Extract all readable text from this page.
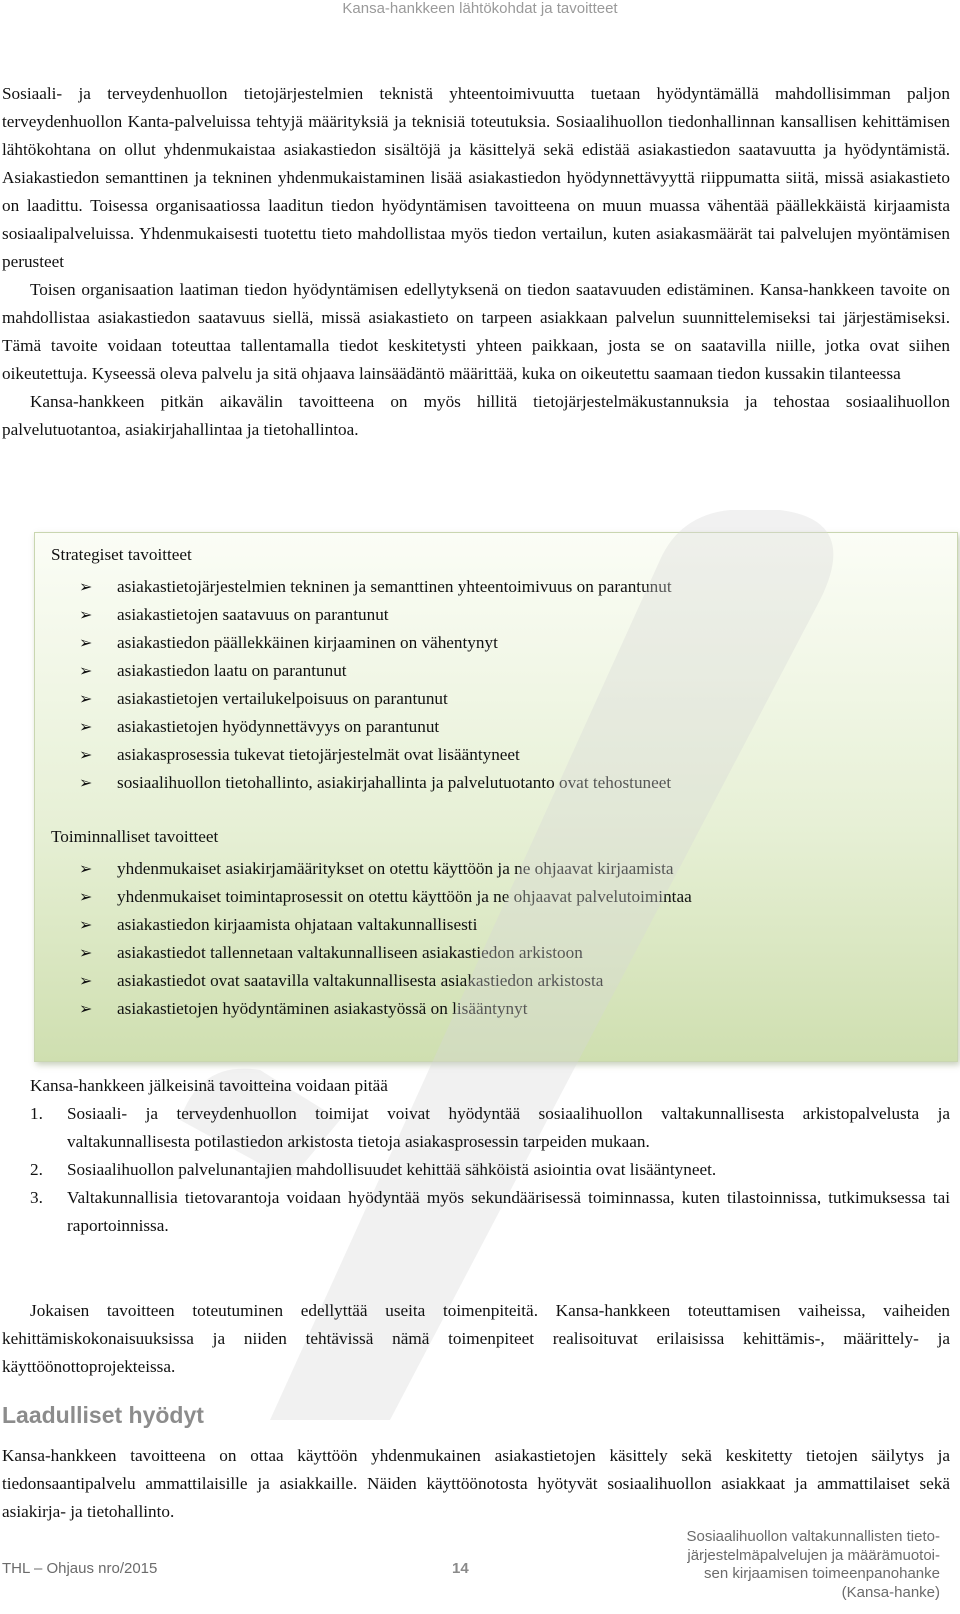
Kansa-hankkeen lähtökohdat ja tavoitteet

Sosiaali- ja terveydenhuollon tietojärjestelmien teknistä yhteentoimivuutta tuetaan hyödyntämällä mahdollisimman paljon terveydenhuollon Kanta-palveluissa tehtyjä määrityksiä ja teknisiä toteutuksia. Sosiaalihuollon tiedonhallinnan kansallisen kehittämisen lähtökohtana on ollut yhdenmukaistaa asiakastiedon sisältöjä ja käsittelyä sekä edistää asiakastiedon saatavuutta ja hyödyntämistä. Asiakastiedon semanttinen ja tekninen yhdenmukaistaminen lisää asiakastiedon hyödynnettävyyttä riippumatta siitä, missä asiakastieto on laadittu. Toisessa organisaatiossa laaditun tiedon hyödyntämisen tavoitteena on muun muassa vähentää päällekkäistä kirjaamista sosiaalipalveluissa. Yhdenmukaisesti tuotettu tieto mahdollistaa myös tiedon vertailun, kuten asiakasmäärät tai palvelujen myöntämisen perusteet

Toisen organisaation laatiman tiedon hyödyntämisen edellytyksenä on tiedon saatavuuden edistäminen. Kansa-hankkeen tavoite on mahdollistaa asiakastiedon saatavuus siellä, missä asiakastieto on tarpeen asiakkaan palvelun suunnittelemiseksi tai järjestämiseksi. Tämä tavoite voidaan toteuttaa tallentamalla tiedot keskitetysti yhteen paikkaan, josta se on saatavilla niille, jotka ovat siihen oikeutettuja. Kyseessä oleva palvelu ja sitä ohjaava lainsäädäntö määrittää, kuka on oikeutettu saamaan tiedon kussakin tilanteessa

Kansa-hankkeen pitkän aikavälin tavoitteena on myös hillitä tietojärjestelmäkustannuksia ja tehostaa sosiaalihuollon palvelutuotantoa, asiakirjahallintaa ja tietohallintoa.

Strategiset tavoitteet
➢ asiakastietojärjestelmien tekninen ja semanttinen yhteentoimivuus on parantunut
➢ asiakastietojen saatavuus on parantunut
➢ asiakastiedon päällekkäinen kirjaaminen on vähentynyt
➢ asiakastiedon laatu on parantunut
➢ asiakastietojen vertailukelpoisuus on parantunut
➢ asiakastietojen hyödynnettävyys on parantunut
➢ asiakasprosessia tukevat tietojärjestelmät ovat lisääntyneet
➢ sosiaalihuollon tietohallinto, asiakirjahallinta ja palvelutuotanto ovat tehostuneet
Toiminnalliset tavoitteet
➢ yhdenmukaiset asiakirjamääritykset on otettu käyttöön ja ne ohjaavat kirjaamista
➢ yhdenmukaiset toimintaprosessit on otettu käyttöön ja ne ohjaavat palvelutoimintaa
➢ asiakastiedon kirjaamista ohjataan valtakunnallisesti
➢ asiakastiedot tallennetaan valtakunnalliseen asiakastiedon arkistoon
➢ asiakastiedot ovat saatavilla valtakunnallisesta asiakastiedon arkistosta
➢ asiakastietojen hyödyntäminen asiakastyössä on lisääntynyt

Kansa-hankkeen jälkeisinä tavoitteina voidaan pitää

1. Sosiaali- ja terveydenhuollon toimijat voivat hyödyntää sosiaalihuollon valtakunnallisesta arkistopalvelusta ja valtakunnallisesta potilastiedon arkistosta tietoja asiakasprosessin tarpeiden mukaan.
2. Sosiaalihuollon palvelunantajien mahdollisuudet kehittää sähköistä asiointia ovat lisääntyneet.
3. Valtakunnallisia tietovarantoja voidaan hyödyntää myös sekundäärisessä toiminnassa, kuten tilastoinnissa, tutkimuksessa tai raportoinnissa.

Jokaisen tavoitteen toteutuminen edellyttää useita toimenpiteitä. Kansa-hankkeen toteuttamisen vaiheissa, vaiheiden kehittämiskokonaisuuksissa ja niiden tehtävissä nämä toimenpiteet realisoituvat erilaisissa kehittämis-, määrittely- ja käyttöönottoprojekteissa.

Laadulliset hyödyt

Kansa-hankkeen tavoitteena on ottaa käyttöön yhdenmukainen asiakastietojen käsittely sekä keskitetty tietojen säilytys ja tiedonsaantipalvelu ammattilaisille ja asiakkaille. Näiden käyttöönotosta hyötyvät sosiaalihuollon asiakkaat ja ammattilaiset sekä asiakirja- ja tietohallinto.

THL – Ohjaus nro/2015	14
Sosiaalihuollon valtakunnallisten tieto-
järjestelmäpalvelujen ja määrämuotoi-
sen kirjaamisen toimeenpanohanke
(Kansa-hanke)
